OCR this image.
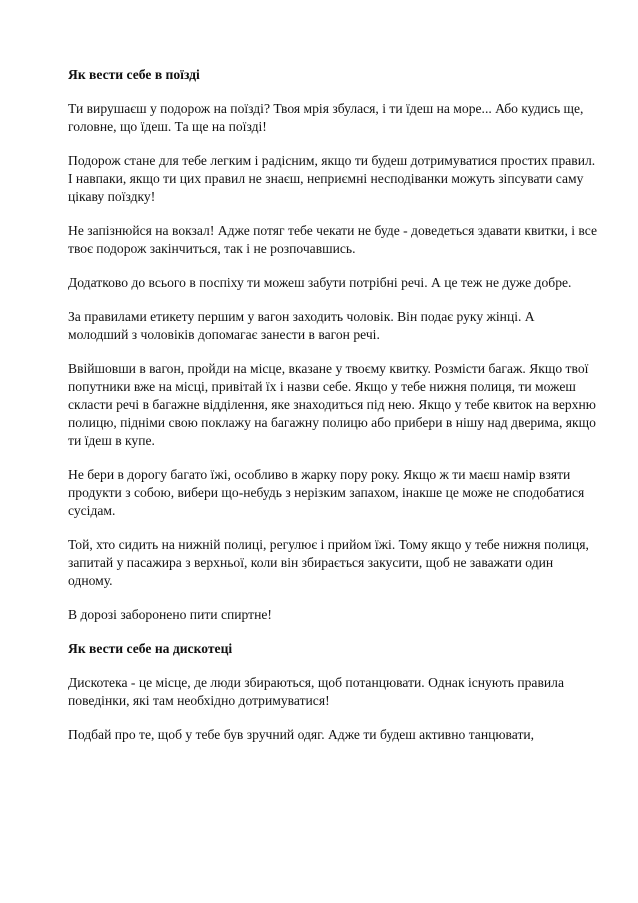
Як вести себе в поїзді
Ти вирушаєш у подорож на поїзді? Твоя мрія збулася, і ти їдеш на море... Або кудись ще, головне, що їдеш. Та ще на поїзді!
Подорож стане для тебе легким і радісним, якщо ти будеш дотримуватися простих правил. І навпаки, якщо ти цих правил не знаєш, неприємні несподіванки можуть зіпсувати саму цікаву поїздку!
Не запізнюйся на вокзал! Адже потяг тебе чекати не буде - доведеться здавати квитки, і все твоє подорож закінчиться, так і не розпочавшись.
Додатково до всього в поспіху ти можеш забути потрібні речі. А це теж не дуже добре.
За правилами етикету першим у вагон заходить чоловік. Він подає руку жінці. А молодший з чоловіків допомагає занести в вагон речі.
Ввійшовши в вагон, пройди на місце, вказане у твоєму квитку. Розмісти багаж. Якщо твої попутники вже на місці, привітай їх і назви себе. Якщо у тебе нижня полиця, ти можеш скласти речі в багажне відділення, яке знаходиться під нею. Якщо у тебе квиток на верхню полицю, підніми свою поклажу на багажну полицю або прибери в нішу над дверима, якщо ти їдеш в купе.
Не бери в дорогу багато їжі, особливо в жарку пору року. Якщо ж ти маєш намір взяти продукти з собою, вибери що-небудь з нерізким запахом, інакше це може не сподобатися сусідам.
Той, хто сидить на нижній полиці, регулює і прийом їжі. Тому якщо у тебе нижня полиця, запитай у пасажира з верхньої, коли він збирається закусити, щоб не заважати один одному.
В дорозі заборонено пити спиртне!
Як вести себе на дискотеці
Дискотека - це місце, де люди збираються, щоб потанцювати. Однак існують правила поведінки, які там необхідно дотримуватися!
Подбай про те, щоб у тебе був зручний одяг. Адже ти будеш активно танцювати,
